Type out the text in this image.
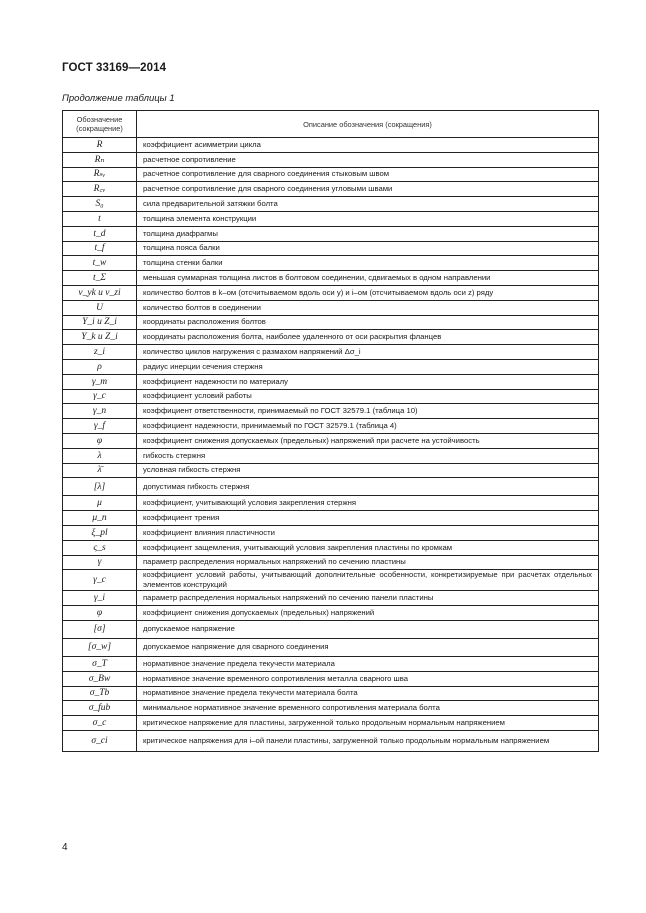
ГОСТ 33169—2014
Продолжение таблицы 1
Обозначение (сокращение)	Описание обозначения (сокращения)
R	коэффициент асимметрии цикла
Rₙ	расчетное сопротивление
Rₛᵥ	расчетное сопротивление для сварного соединения стыковым швом
R꜀ᵥ	расчетное сопротивление для сварного соединения угловыми швами
S₀	сила предварительной затяжки болта
t	толщина элемента конструкции
t_d	толщина диафрагмы
t_f	толщина пояса балки
t_w	толщина стенки балки
t_Σ	меньшая суммарная толщина листов в болтовом соединении, сдвигаемых в одном направлении
v_yk и v_zi	количество болтов в k–ом (отсчитываемом вдоль оси y) и i–ом (отсчитываемом вдоль оси z) ряду
U	количество болтов в соединении
Y_i и Z_i	координаты расположения болтов
Y_k и Z_i	координаты расположения болта, наиболее удаленного от оси раскрытия фланцев
z_i	количество циклов нагружения с размахом напряжений Δσ_i
ρ	радиус инерции сечения стержня
γ_m	коэффициент надежности по материалу
γ_c	коэффициент условий работы
γ_n	коэффициент ответственности, принимаемый по ГОСТ 32579.1 (таблица 10)
γ_f	коэффициент надежности, принимаемый по ГОСТ 32579.1 (таблица 4)
φ	коэффициент снижения допускаемых (предельных) напряжений при расчете на устойчивость
λ	гибкость стержня
λ̄	условная гибкость стержня
[λ]	допустимая гибкость стержня
μ	коэффициент, учитывающий условия закрепления стержня
μ_n	коэффициент трения
ξ_pl	коэффициент влияния пластичности
ς_s	коэффициент защемления, учитывающий условия закрепления пластины по кромкам
γ	параметр распределения нормальных напряжений по сечению пластины
γ_c	коэффициент условий работы, учитывающий дополнительные особенности, конкретизируемые при расчетах отдельных элементов конструкций
γ_i	параметр распределения нормальных напряжений по сечению панели пластины
φ	коэффициент снижения допускаемых (предельных) напряжений
[σ]	допускаемое напряжение
[σ_w]	допускаемое напряжение для сварного соединения
σ_T	нормативное значение предела текучести материала
σ_Bw	нормативное значение временного сопротивления металла сварного шва
σ_Tb	нормативное значение предела текучести материала болта
σ_fub	минимальное нормативное значение временного сопротивления материала болта
σ_c	критическое напряжение для пластины, загруженной только продольным нормальным напряжением
σ_ci	критическое напряжения для i–ой панели пластины, загруженной только продольным нормальным напряжением
4
